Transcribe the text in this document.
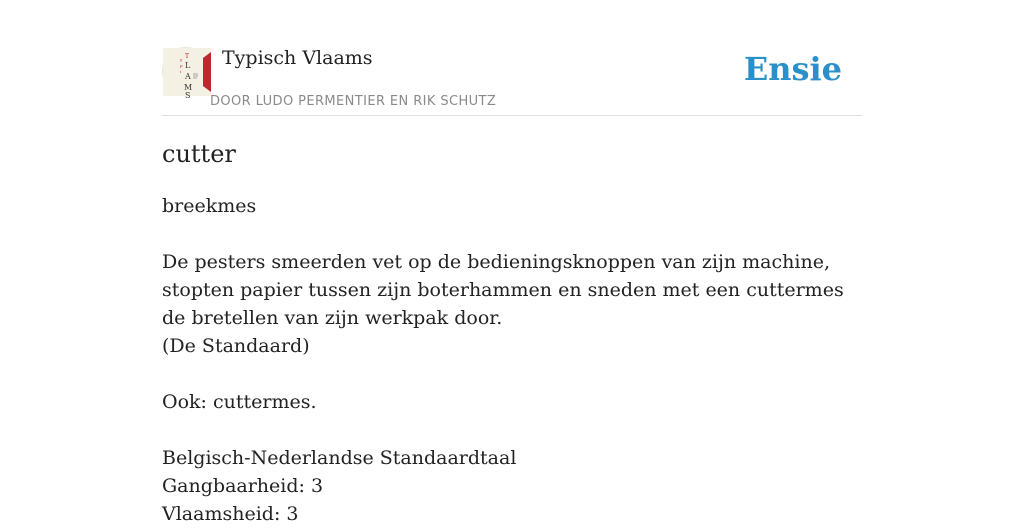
T
y
p
i
L
A
M
S
Typisch Vlaams
DOOR LUDO PERMENTIER EN RIK SCHUTZ
Ensie
cutter
breekmes
De pesters smeerden vet op de bedieningsknoppen van zijn machine, stopten papier tussen zijn boterhammen en sneden met een cuttermes de bretellen van zijn werkpak door.
(De Standaard)
Ook: cuttermes.
Belgisch-Nederlandse Standaardtaal
Gangbaarheid: 3
Vlaamsheid: 3
